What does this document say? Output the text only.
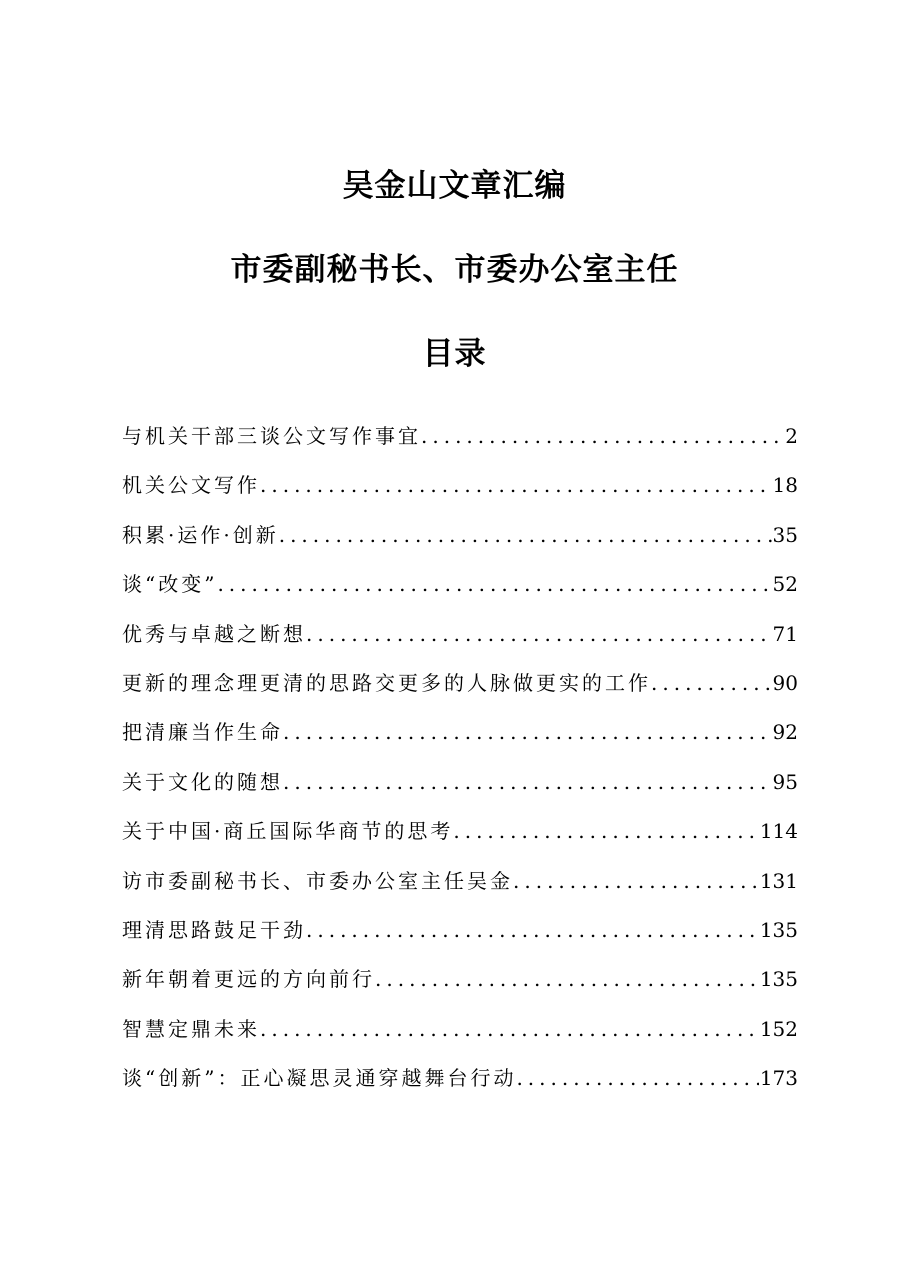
吴金山文章汇编
市委副秘书长、市委办公室主任
目录
与机关干部三谈公文写作事宜 .....	2
机关公文写作 .....	18
积累·运作·创新 .....	35
谈“改变” .....	52
优秀与卓越之断想 .....	71
更新的理念理更清的思路交更多的人脉做更实的工作 .....	90
把清廉当作生命 .....	92
关于文化的随想 .....	95
关于中国·商丘国际华商节的思考 .....	114
访市委副秘书长、市委办公室主任吴金 .....	131
理清思路鼓足干劲 .....	135
新年朝着更远的方向前行 .....	135
智慧定鼎未来 .....	152
谈“创新”：正心凝思灵通穿越舞台行动 .....	173
